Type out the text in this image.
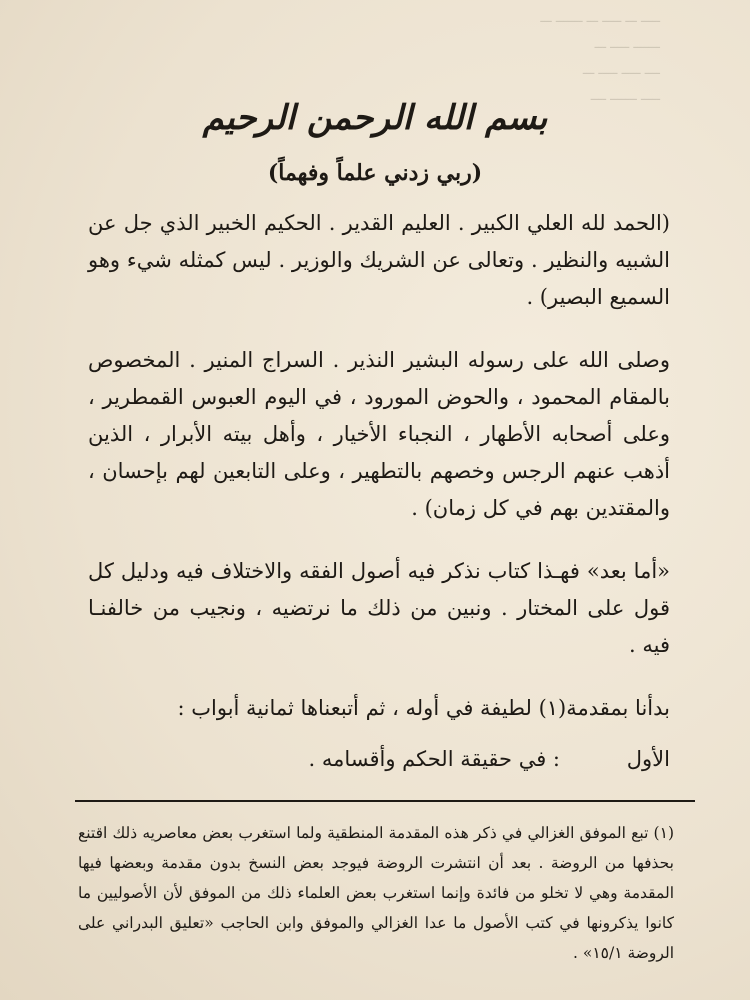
ـــــ ـــ ـــــ ـــ ـــــــ ـــ
ـــــــ ـــــ ـــ
ــــ ـــــ ـــــ ـــ
ـــــ ـــــــ ــــ
بسم الله الرحمن الرحيم
(ربي زدني علماً وفهماً)

(الحمد لله العلي الكبير . العليم القدير . الحكيم الخبير الذي جل عن الشبيه والنظير . وتعالى عن الشريك والوزير . ليس كمثله شيء وهو السميع البصير) .

وصلى الله على رسوله البشير النذير . السراج المنير . المخصوص بالمقام المحمود ، والحوض المورود ، في اليوم العبوس القمطرير ، وعلى أصحابه الأطهار ، النجباء الأخيار ، وأهل بيته الأبرار ، الذين أذهب عنهم الرجس وخصهم بالتطهير ، وعلى التابعين لهم بإحسان ، والمقتدين بهم في كل زمان) .

«أما بعد» فهـذا كتاب نذكر فيه أصول الفقه والاختلاف فيه ودليل كل قول على المختار . ونبين من ذلك ما نرتضيه ، ونجيب من خالفنـا فيه .

بدأنا بمقدمة(١) لطيفة في أوله ، ثم أتبعناها ثمانية أبواب :

الأول
: في حقيقة الحكم وأقسامه .

(١) تبع الموفق الغزالي في ذكر هذه المقدمة المنطقية ولما استغرب بعض معاصريه ذلك اقتنع بحذفها من الروضة . بعد أن انتشرت الروضة فيوجد بعض النسخ بدون مقدمة وبعضها فيها المقدمة وهي لا تخلو من فائدة وإنما استغرب بعض العلماء ذلك من الموفق لأن الأصوليين ما كانوا يذكرونها في كتب الأصول ما عدا الغزالي والموفق وابن الحاجب «تعليق البدراني على الروضة ١٥/١» .
